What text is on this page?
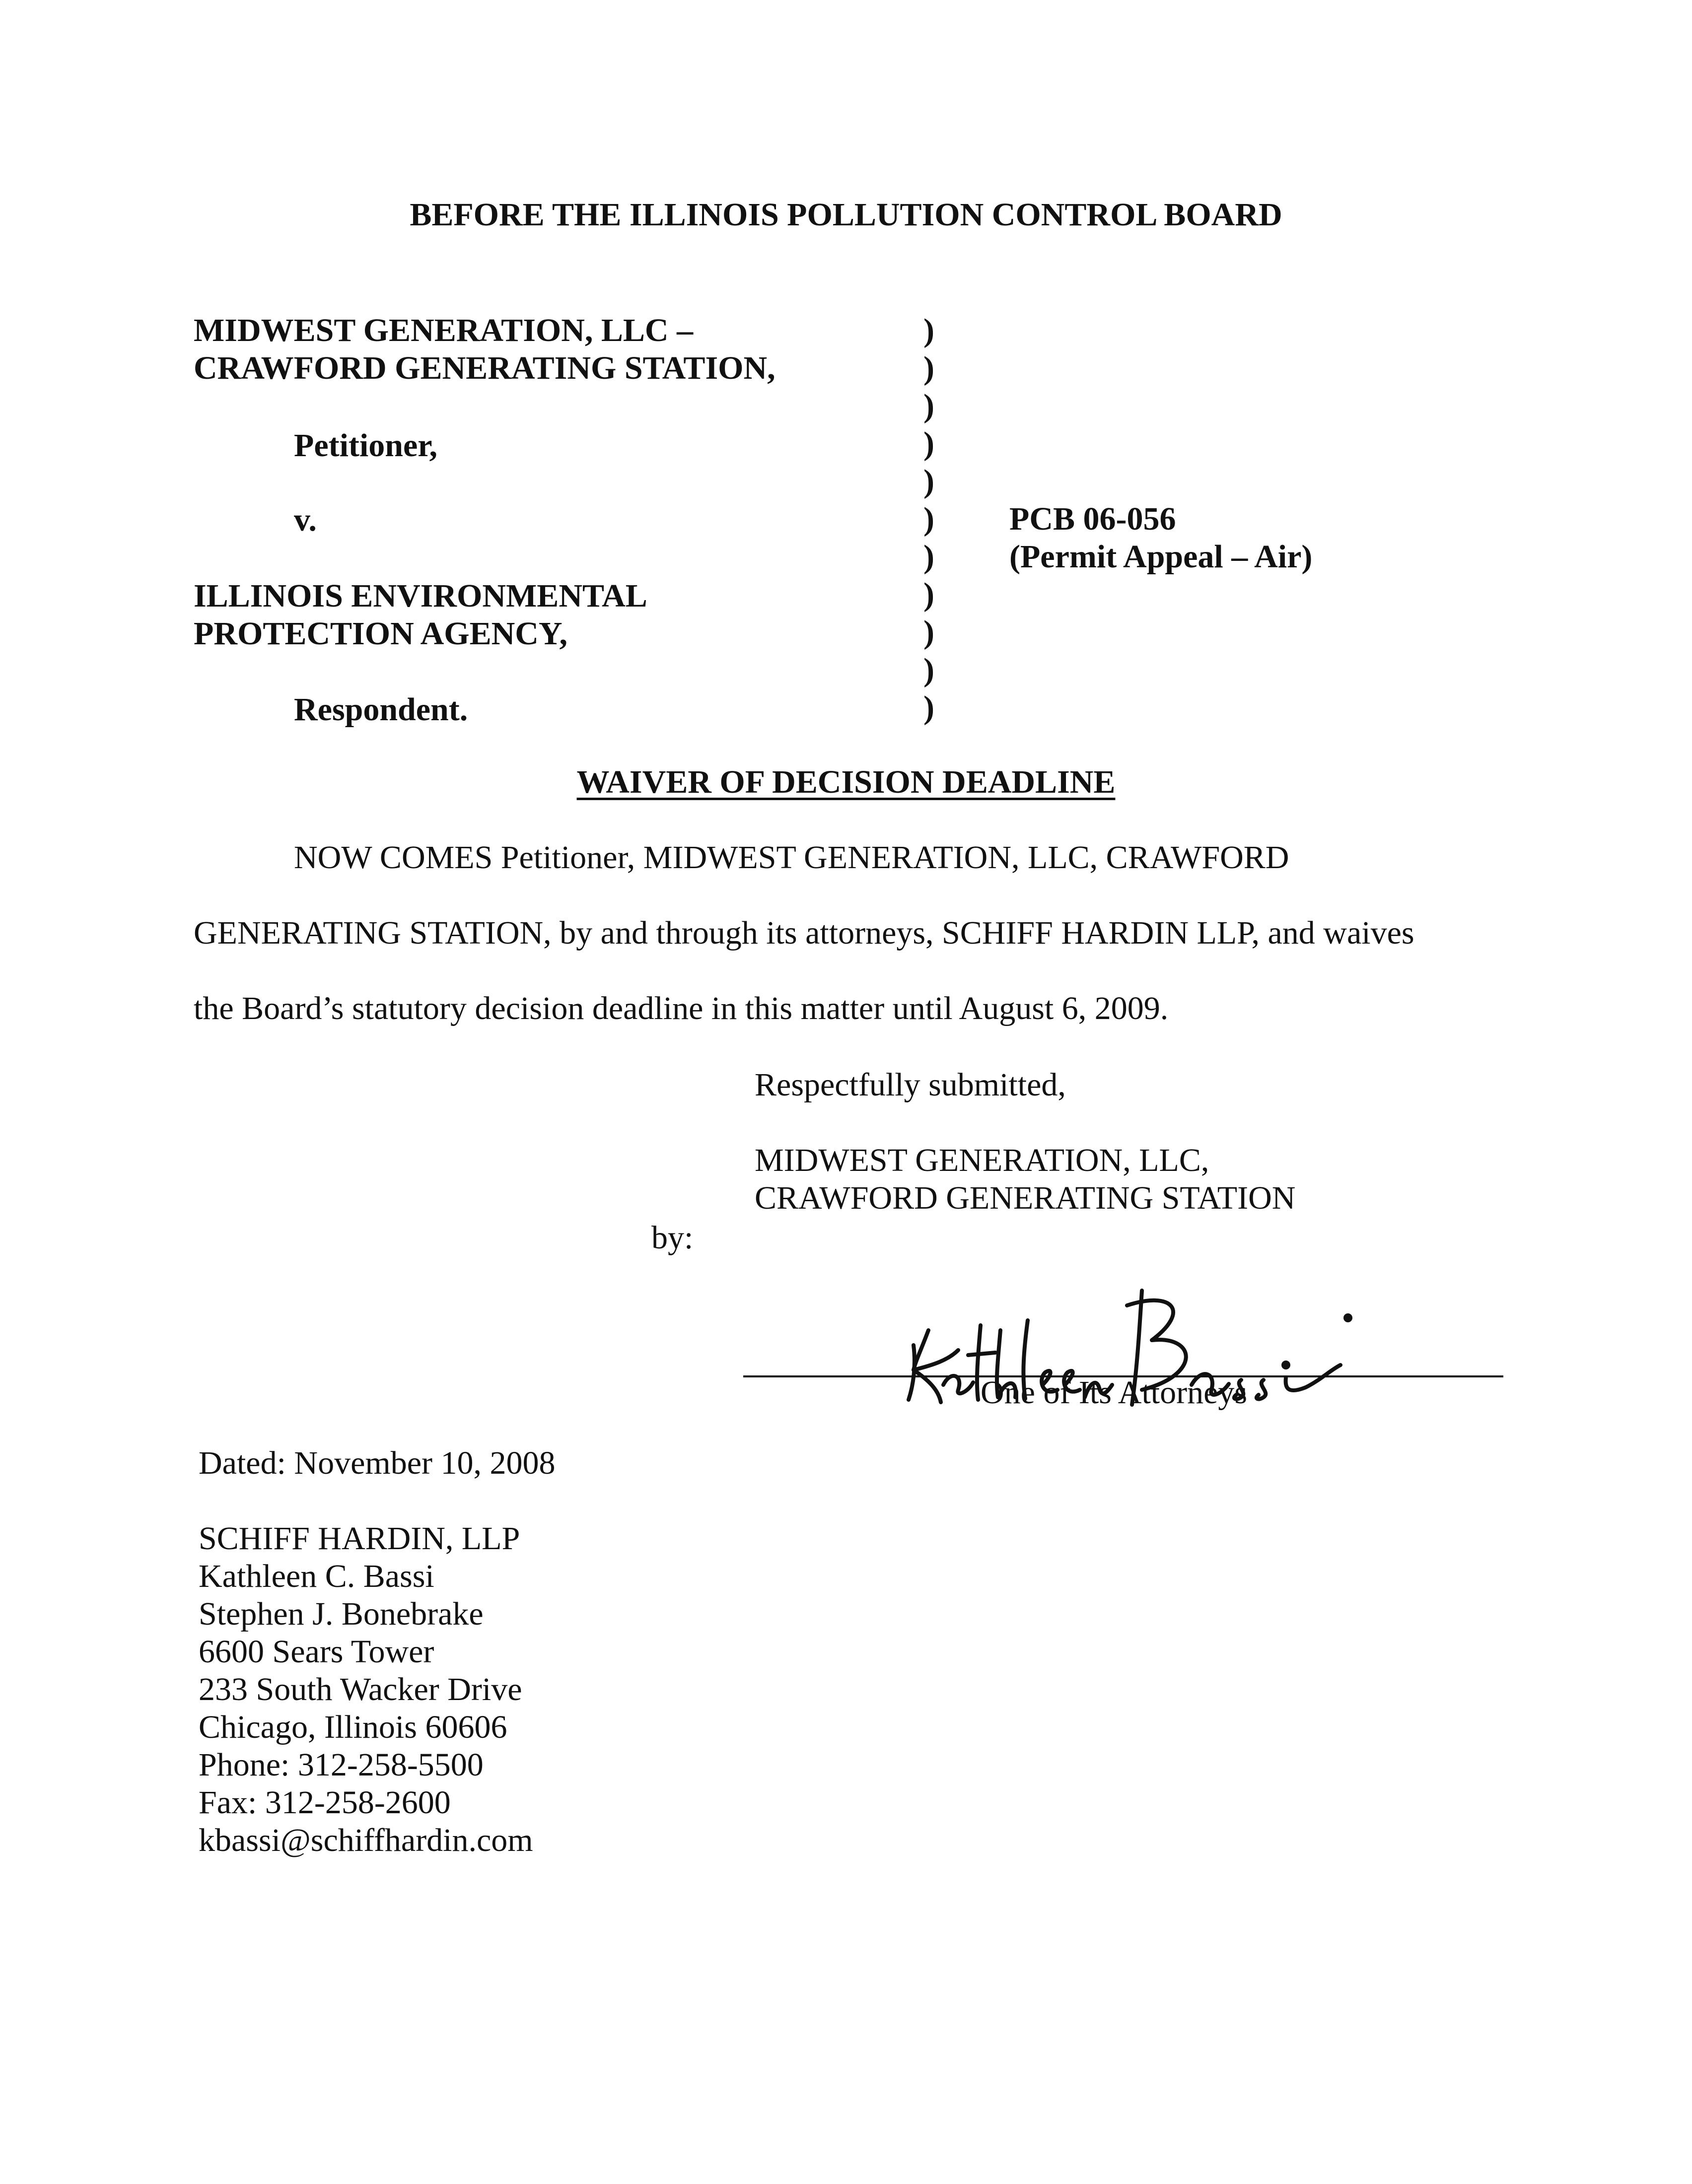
BEFORE THE ILLINOIS POLLUTION CONTROL BOARD
MIDWEST GENERATION, LLC –
CRAWFORD GENERATING STATION,
Petitioner,
v.
ILLINOIS ENVIRONMENTAL
PROTECTION AGENCY,
Respondent.
)
)
)
)
)
)
)
)
)
)
)
PCB 06-056
(Permit Appeal – Air)
WAIVER OF DECISION DEADLINE
NOW COMES Petitioner, MIDWEST GENERATION, LLC, CRAWFORD
GENERATING STATION, by and through its attorneys, SCHIFF HARDIN LLP, and waives
the Board’s statutory decision deadline in this matter until August 6, 2009.
Respectfully submitted,
MIDWEST GENERATION, LLC,
CRAWFORD GENERATING STATION
by:
One of Its Attorneys
Dated: November 10, 2008
SCHIFF HARDIN, LLP
Kathleen C. Bassi
Stephen J. Bonebrake
6600 Sears Tower
233 South Wacker Drive
Chicago, Illinois 60606
Phone: 312-258-5500
Fax: 312-258-2600
kbassi@schiffhardin.com
